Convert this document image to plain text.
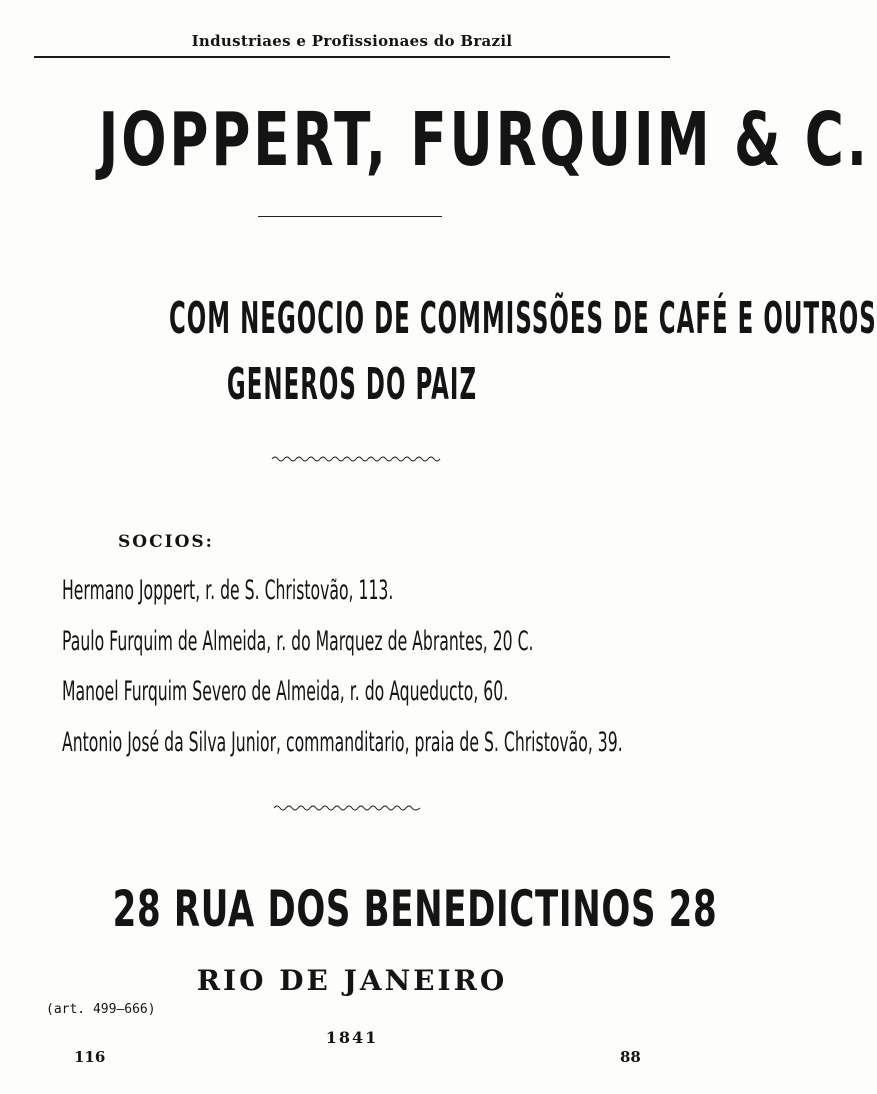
Industriaes e Profissionaes do Brazil
JOPPERT, FURQUIM & C.
COM NEGOCIO DE COMMISSÕES DE CAFÉ E OUTROS
GENEROS DO PAIZ
SOCIOS:
Hermano Joppert, r. de S. Christovão, 113.
Paulo Furquim de Almeida, r. do Marquez de Abrantes, 20 C.
Manoel Furquim Severo de Almeida, r. do Aqueducto, 60.
Antonio José da Silva Junior, commanditario, praia de S. Christovão, 39.
28 RUA DOS BENEDICTINOS 28
RIO DE JANEIRO
(art. 499—666)
1841
116	88
